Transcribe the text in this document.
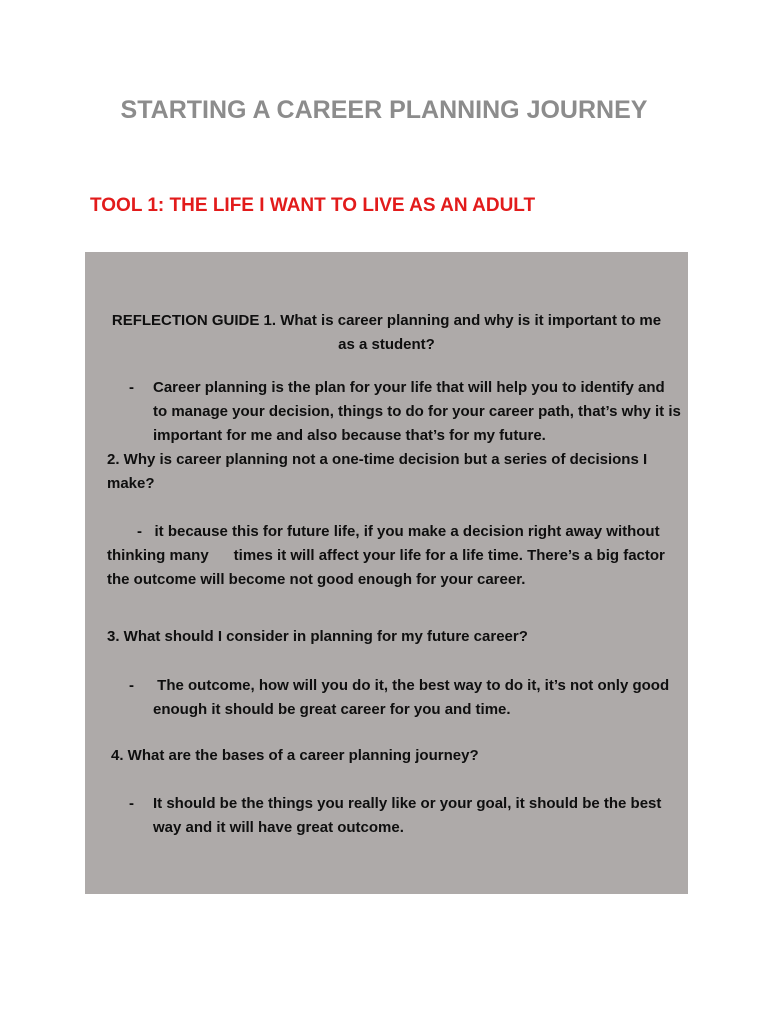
STARTING A CAREER PLANNING JOURNEY
TOOL 1: THE LIFE I WANT TO LIVE AS AN ADULT
REFLECTION GUIDE 1. What is career planning and why is it important to me as a student?
- Career planning is the plan for your life that will help you to identify and to manage your decision, things to do for your career path, that’s why it is important for me and also because that’s for my future.
2. Why is career planning not a one-time decision but a series of decisions I make?
-   it because this for future life, if you make a decision right away without thinking many      times it will affect your life for a life time. There’s a big factor the outcome will become not good enough for your career.
3. What should I consider in planning for my future career?
- The outcome, how will you do it, the best way to do it, it’s not only good enough it should be great career for you and time.
4. What are the bases of a career planning journey?
- It should be the things you really like or your goal, it should be the best way and it will have great outcome.
